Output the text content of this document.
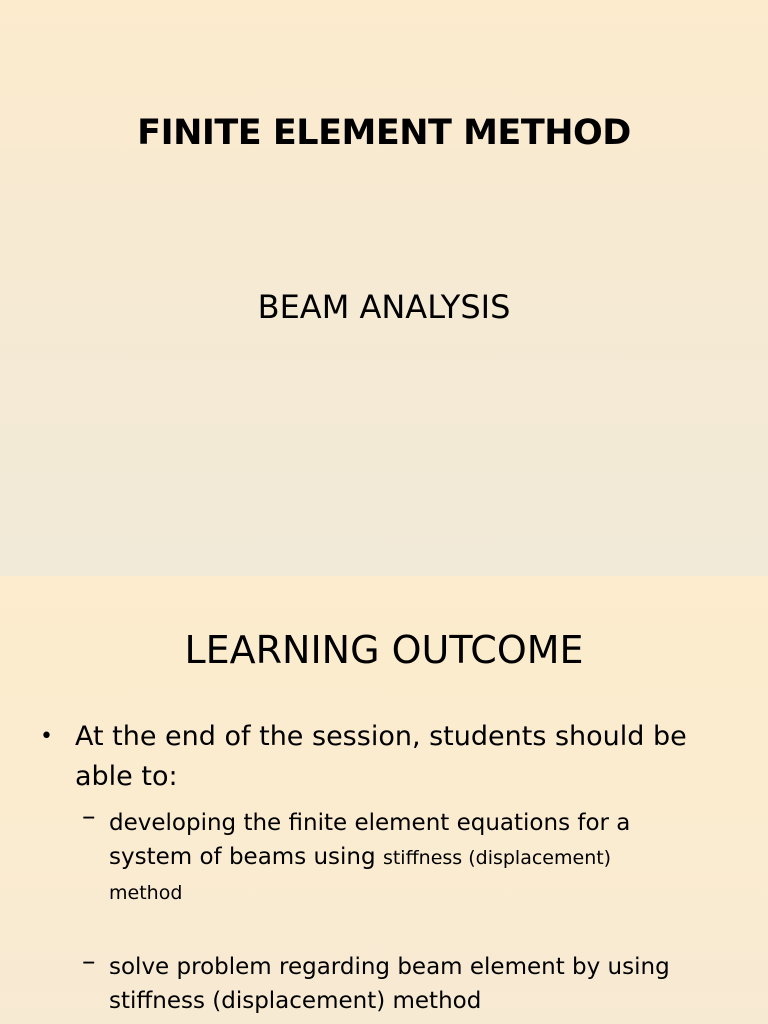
FINITE ELEMENT METHOD
BEAM ANALYSIS
LEARNING OUTCOME
• At the end of the session, students should be able to:
– developing the finite element equations for a system of beams using stiffness (displacement) method
– solve problem regarding beam element by using stiffness (displacement) method
